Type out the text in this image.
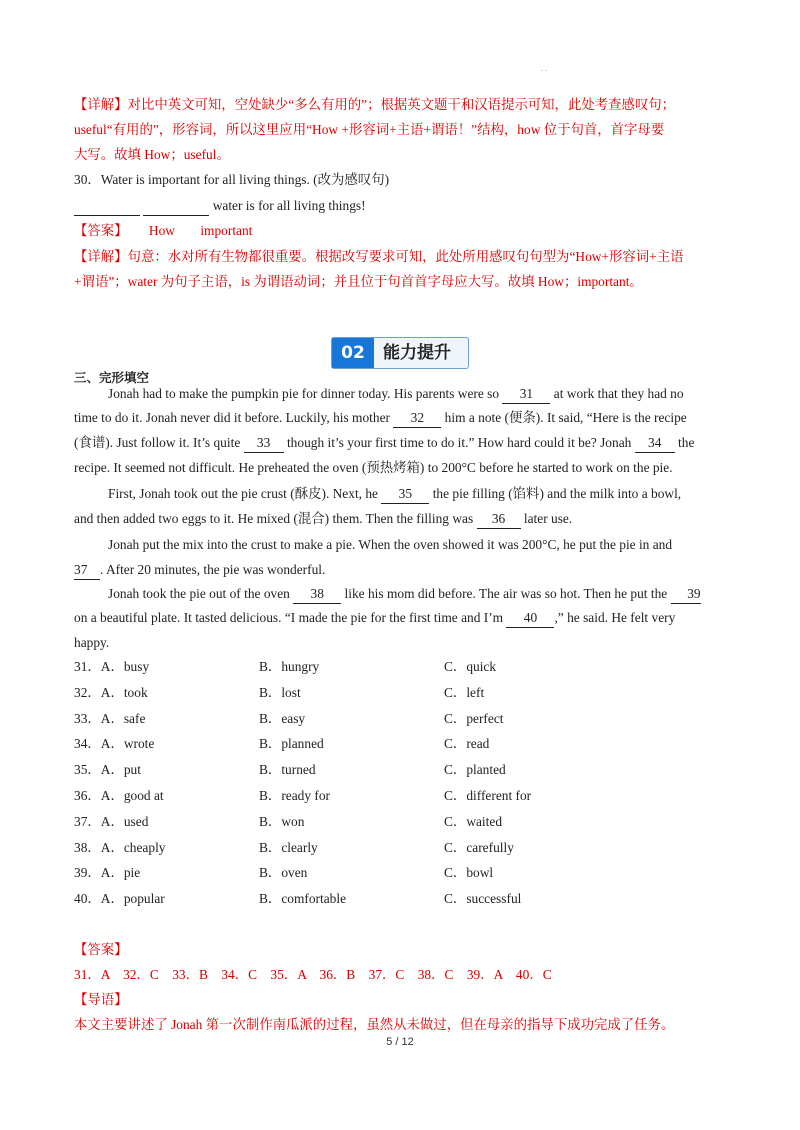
. .
【详解】对比中英文可知，空处缺少“多么有用的”；根据英文题干和汉语提示可知，此处考查感叹句；
useful“有用的”，形容词，所以这里应用“How +形容词+主语+谓语！”结构，how 位于句首，首字母要
大写。故填 How；useful。
30．Water is important for all living things. (改为感叹句)
water is for all living things!
【答案】 How important
【详解】句意：水对所有生物都很重要。根据改写要求可知，此处所用感叹句句型为“How+形容词+主语
+谓语”；water 为句子主语，is 为谓语动词；并且位于句首首字母应大写。故填 How；important。
02	能力提升
三、完形填空
Jonah had to make the pumpkin pie for dinner today. His parents were so 31 at work that they had no
time to do it. Jonah never did it before. Luckily, his mother 32 him a note (便条). It said, “Here is the recipe
(食谱). Just follow it. It’s quite 33 though it’s your first time to do it.” How hard could it be? Jonah 34 the
recipe. It seemed not difficult. He preheated the oven (预热烤箱) to 200°C before he started to work on the pie.
First, Jonah took out the pie crust (酥皮). Next, he 35 the pie filling (馅料) and the milk into a bowl,
and then added two eggs to it. He mixed (混合) them. Then the filling was 36 later use.
Jonah put the mix into the crust to make a pie. When the oven showed it was 200°C, he put the pie in and
37 . After 20 minutes, the pie was wonderful.
Jonah took the pie out of the oven 38 like his mom did before. The air was so hot. Then he put the 39
on a beautiful plate. It tasted delicious. “I made the pie for the first time and I’m 40 ,” he said. He felt very
happy.
31．A．busy	B．hungry	C．quick
32．A．took	B．lost	C．left
33．A．safe	B．easy	C．perfect
34．A．wrote	B．planned	C．read
35．A．put	B．turned	C．planted
36．A．good at	B．ready for	C．different for
37．A．used	B．won	C．waited
38．A．cheaply	B．clearly	C．carefully
39．A．pie	B．oven	C．bowl
40．A．popular	B．comfortable	C．successful
【答案】
31．A　32．C　33．B　34．C　35．A　36．B　37．C　38．C　39．A　40．C
【导语】
本文主要讲述了 Jonah 第一次制作南瓜派的过程，虽然从未做过，但在母亲的指导下成功完成了任务。
5 / 12
